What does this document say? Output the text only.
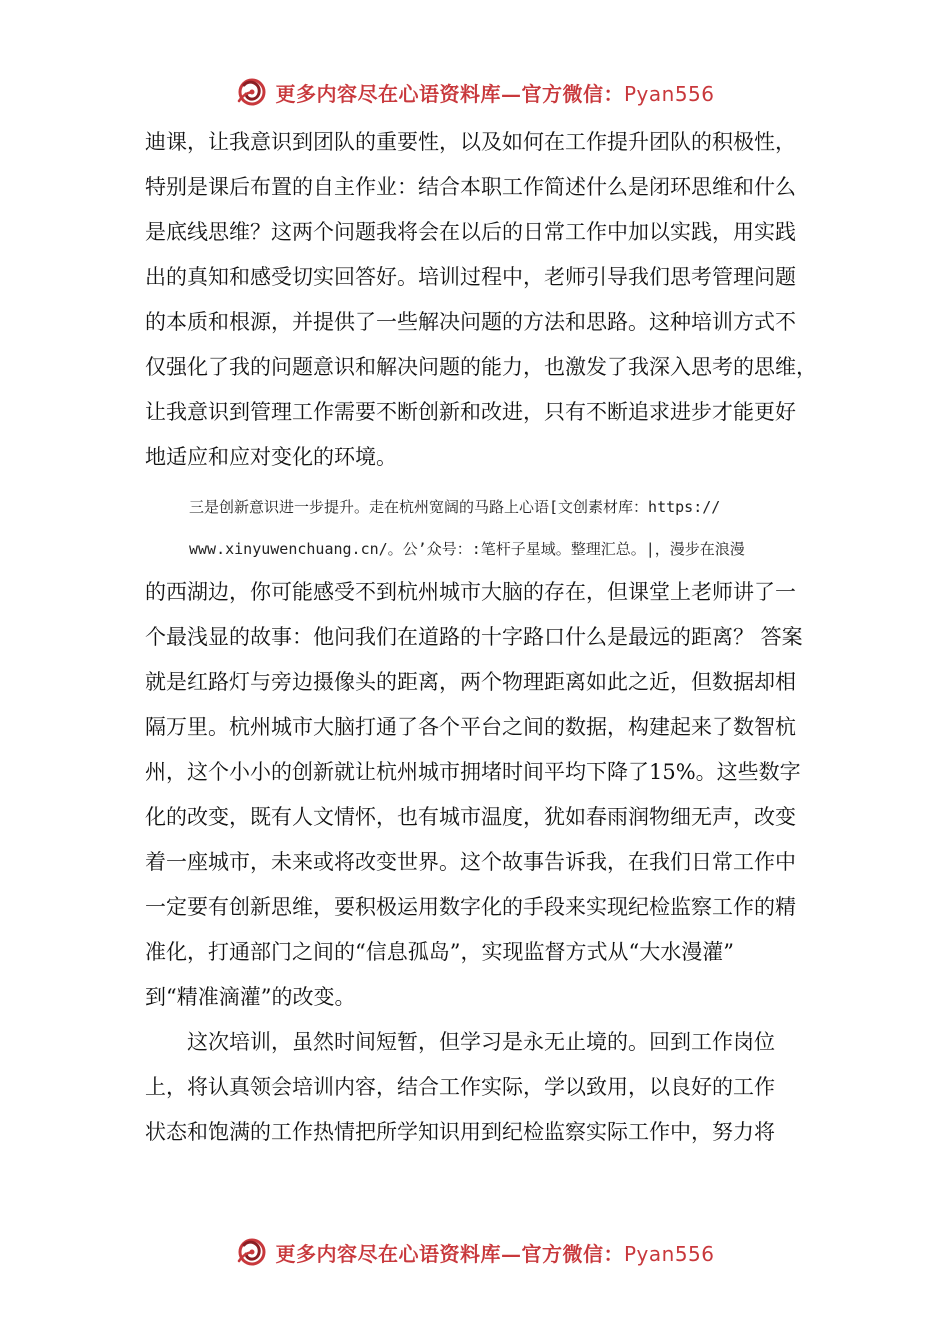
更多内容尽在心语资料库—官方微信：Pyan556

迪课，让我意识到团队的重要性，以及如何在工作提升团队的积极性，
特别是课后布置的自主作业：结合本职工作简述什么是闭环思维和什么
是底线思维？这两个问题我将会在以后的日常工作中加以实践，用实践
出的真知和感受切实回答好。培训过程中，老师引导我们思考管理问题
的本质和根源，并提供了一些解决问题的方法和思路。这种培训方式不
仅强化了我的问题意识和解决问题的能力，也激发了我深入思考的思维，
让我意识到管理工作需要不断创新和改进，只有不断追求进步才能更好
地适应和应对变化的环境。

三是创新意识进一步提升。走在杭州宽阔的马路上心语[文创素材库：https://
www.xinyuwenchuang.cn/。公’众号：:笔杆子星域。整理汇总。|，漫步在浪漫

的西湖边，你可能感受不到杭州城市大脑的存在，但课堂上老师讲了一
个最浅显的故事：他问我们在道路的十字路口什么是最远的距离？ 答案
就是红路灯与旁边摄像头的距离，两个物理距离如此之近，但数据却相
隔万里。杭州城市大脑打通了各个平台之间的数据，构建起来了数智杭
州，这个小小的创新就让杭州城市拥堵时间平均下降了15%。这些数字
化的改变，既有人文情怀，也有城市温度，犹如春雨润物细无声，改变
着一座城市，未来或将改变世界。这个故事告诉我，在我们日常工作中
一定要有创新思维，要积极运用数字化的手段来实现纪检监察工作的精
准化，打通部门之间的“信息孤岛”，实现监督方式从“大水漫灌”
到“精准滴灌”的改变。

　　这次培训，虽然时间短暂，但学习是永无止境的。回到工作岗位
上，将认真领会培训内容，结合工作实际，学以致用，以良好的工作
状态和饱满的工作热情把所学知识用到纪检监察实际工作中，努力将

更多内容尽在心语资料库—官方微信：Pyan556
